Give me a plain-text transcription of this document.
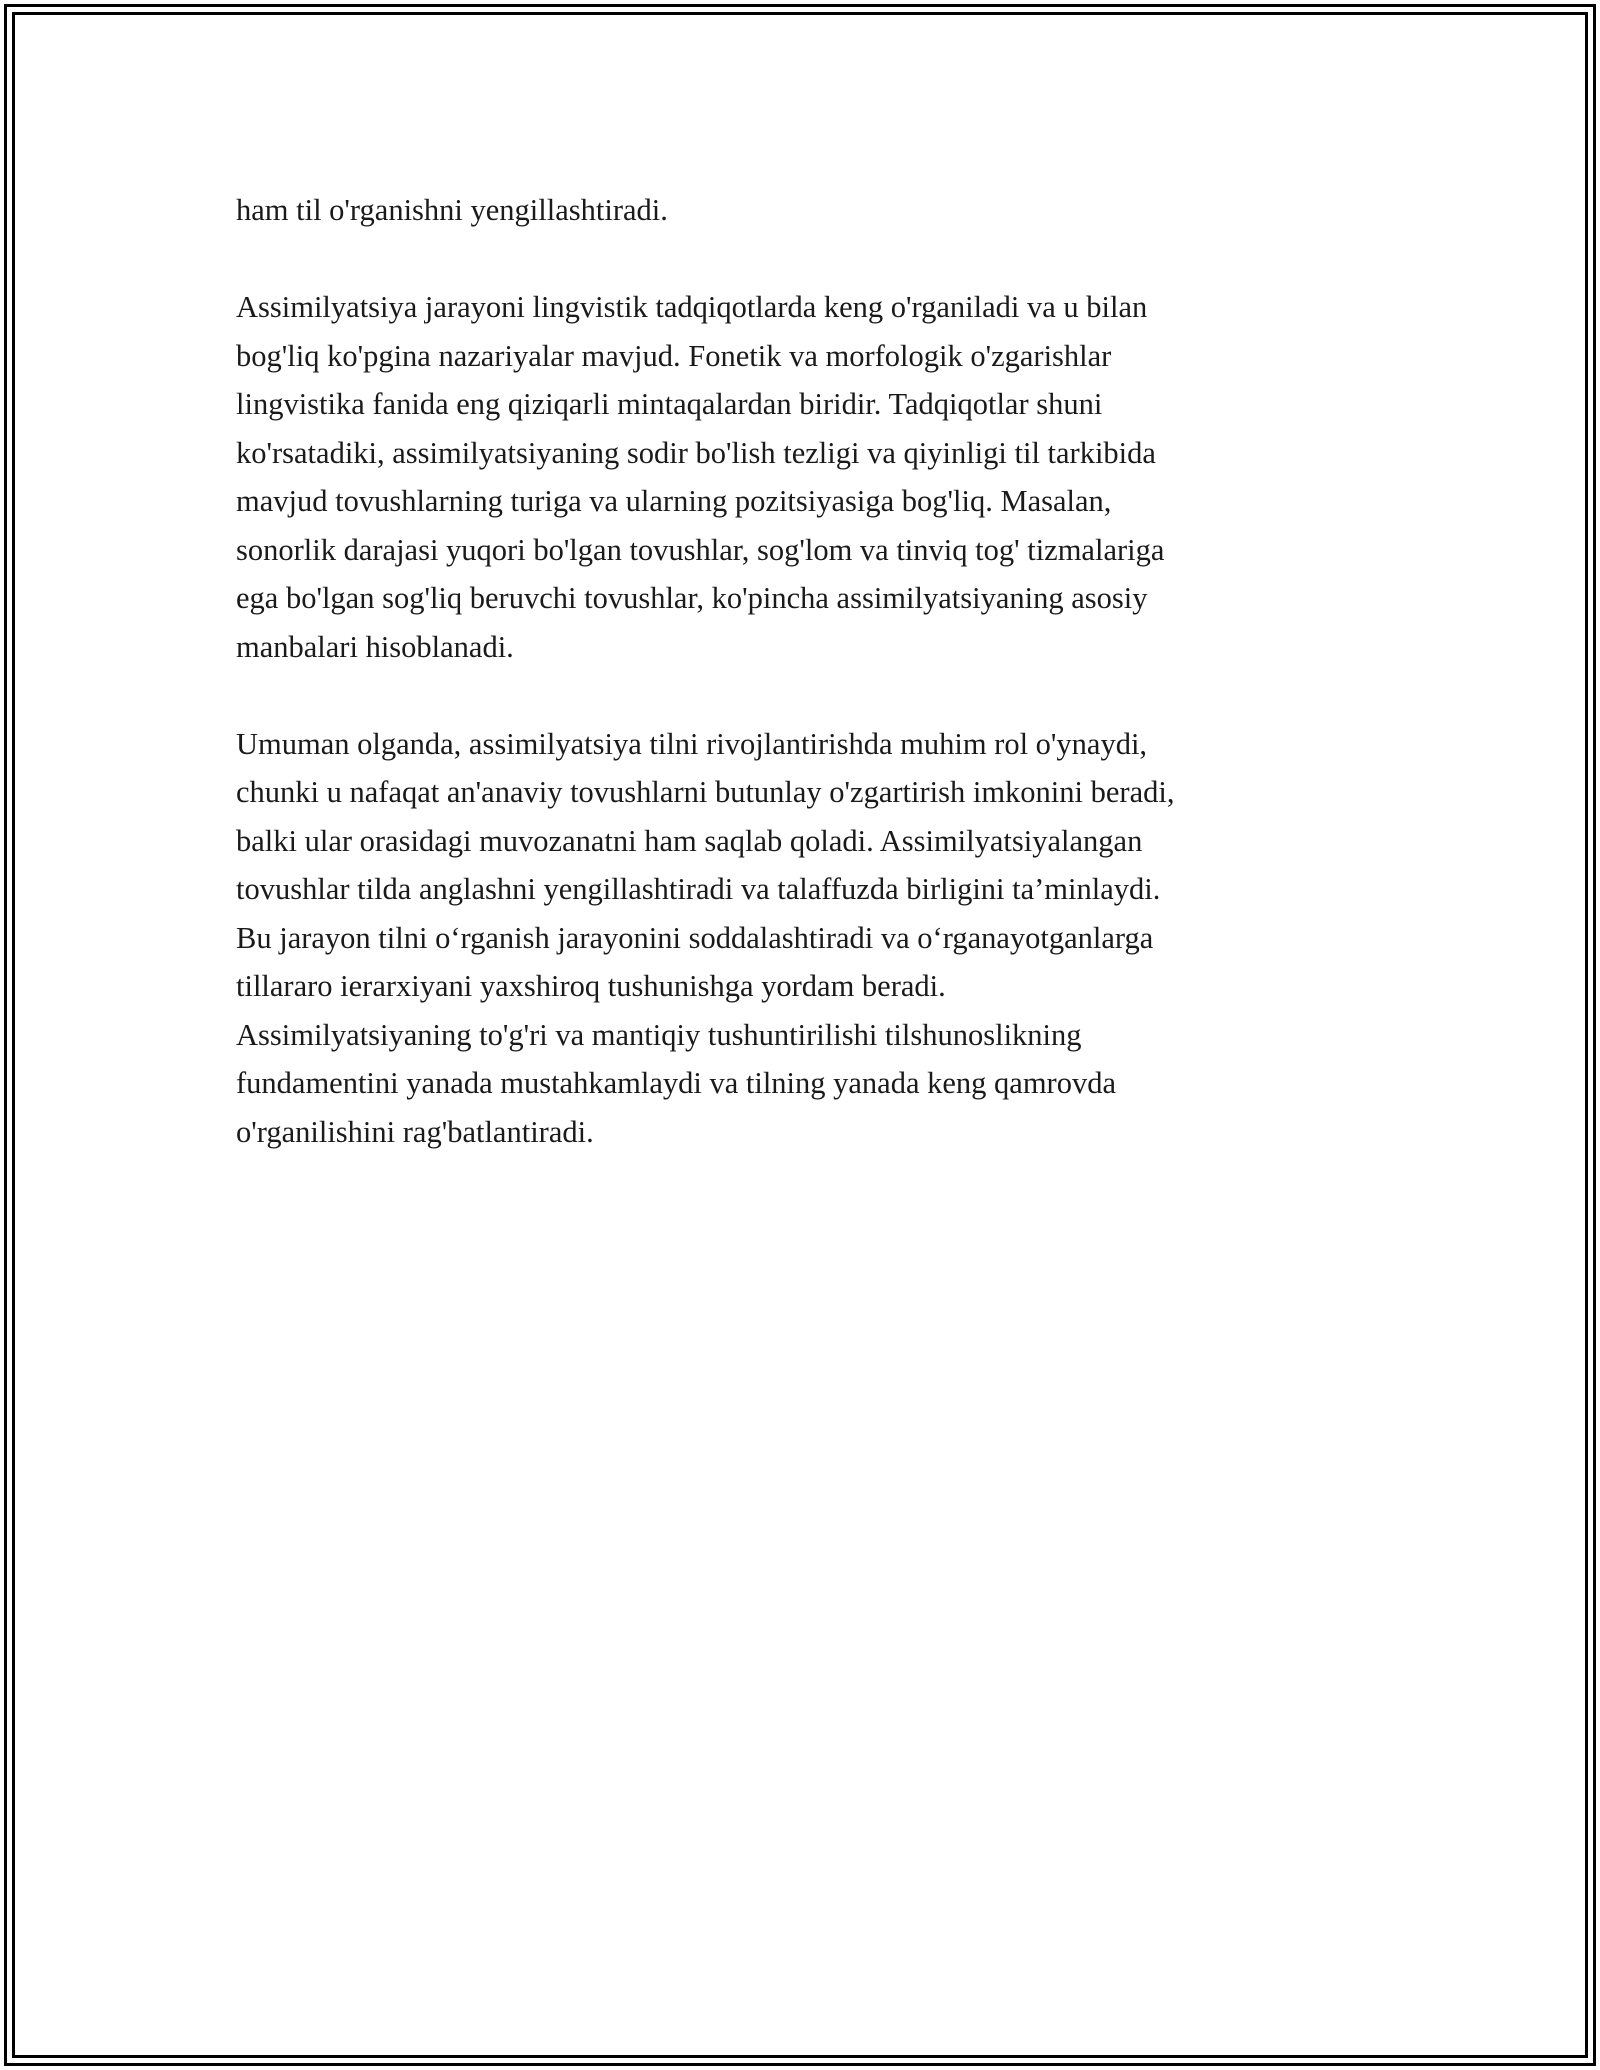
ham til o'rganishni yengillashtiradi.

Assimilyatsiya jarayoni lingvistik tadqiqotlarda keng o'rganiladi va u bilan
bog'liq ko'pgina nazariyalar mavjud. Fonetik va morfologik o'zgarishlar
lingvistika fanida eng qiziqarli mintaqalardan biridir. Tadqiqotlar shuni
ko'rsatadiki, assimilyatsiyaning sodir bo'lish tezligi va qiyinligi til tarkibida
mavjud tovushlarning turiga va ularning pozitsiyasiga bog'liq. Masalan,
sonorlik darajasi yuqori bo'lgan tovushlar, sog'lom va tinviq tog' tizmalariga
ega bo'lgan sog'liq beruvchi tovushlar, ko'pincha assimilyatsiyaning asosiy
manbalari hisoblanadi.

Umuman olganda, assimilyatsiya tilni rivojlantirishda muhim rol o'ynaydi,
chunki u nafaqat an'anaviy tovushlarni butunlay o'zgartirish imkonini beradi,
balki ular orasidagi muvozanatni ham saqlab qoladi. Assimilyatsiyalangan
tovushlar tilda anglashni yengillashtiradi va talaffuzda birligini ta’minlaydi.
Bu jarayon tilni o‘rganish jarayonini soddalashtiradi va o‘rganayotganlarga
tillararo ierarxiyani yaxshiroq tushunishga yordam beradi.
Assimilyatsiyaning to'g'ri va mantiqiy tushuntirilishi tilshunoslikning
fundamentini yanada mustahkamlaydi va tilning yanada keng qamrovda
o'rganilishini rag'batlantiradi.
